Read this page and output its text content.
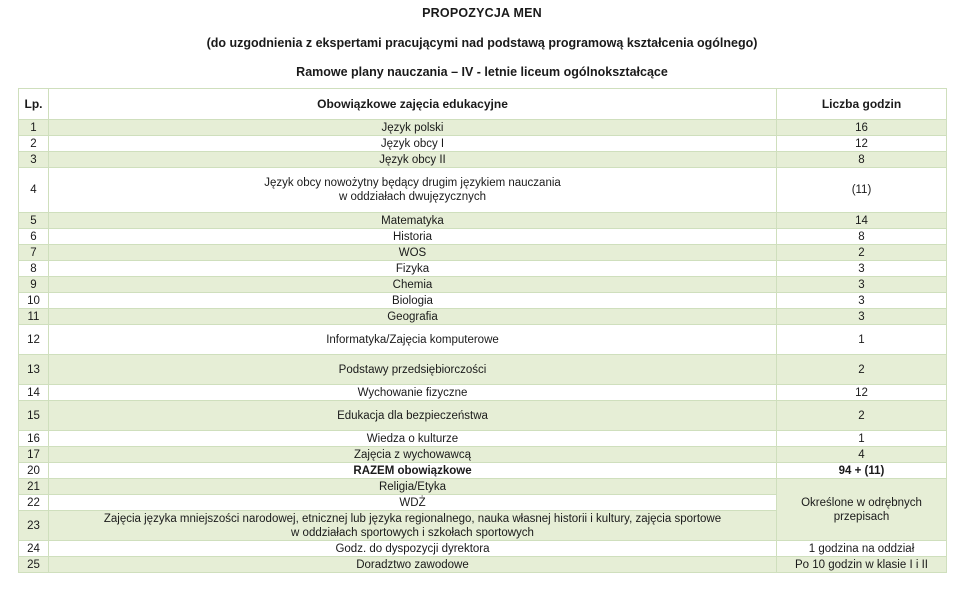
PROPOZYCJA MEN
(do uzgodnienia z ekspertami pracującymi nad podstawą programową kształcenia ogólnego)
Ramowe plany nauczania – IV - letnie liceum ogólnokształcące
Lp.	Obowiązkowe zajęcia edukacyjne	Liczba godzin
1	Język polski	16
2	Język obcy I	12
3	Język obcy II	8
4	Język obcy nowożytny będący drugim językiem nauczania
w oddziałach dwujęzycznych	(11)
5	Matematyka	14
6	Historia	8
7	WOS	2
8	Fizyka	3
9	Chemia	3
10	Biologia	3
11	Geografia	3
12	Informatyka/Zajęcia komputerowe	1
13	Podstawy przedsiębiorczości	2
14	Wychowanie fizyczne	12
15	Edukacja dla bezpieczeństwa	2
16	Wiedza o kulturze	1
17	Zajęcia z wychowawcą	4
20	RAZEM obowiązkowe	94 + (11)
21	Religia/Etyka	Określone w odrębnych
przepisach

22	WDŻ	
23	Zajęcia języka mniejszości narodowej, etnicznej lub języka regionalnego, nauka własnej historii i kultury, zajęcia sportowe
w oddziałach sportowych i szkołach sportowych	

24	Godz. do dyspozycji dyrektora	1 godzina na oddział
25	Doradztwo zawodowe	Po 10 godzin w klasie I i II
